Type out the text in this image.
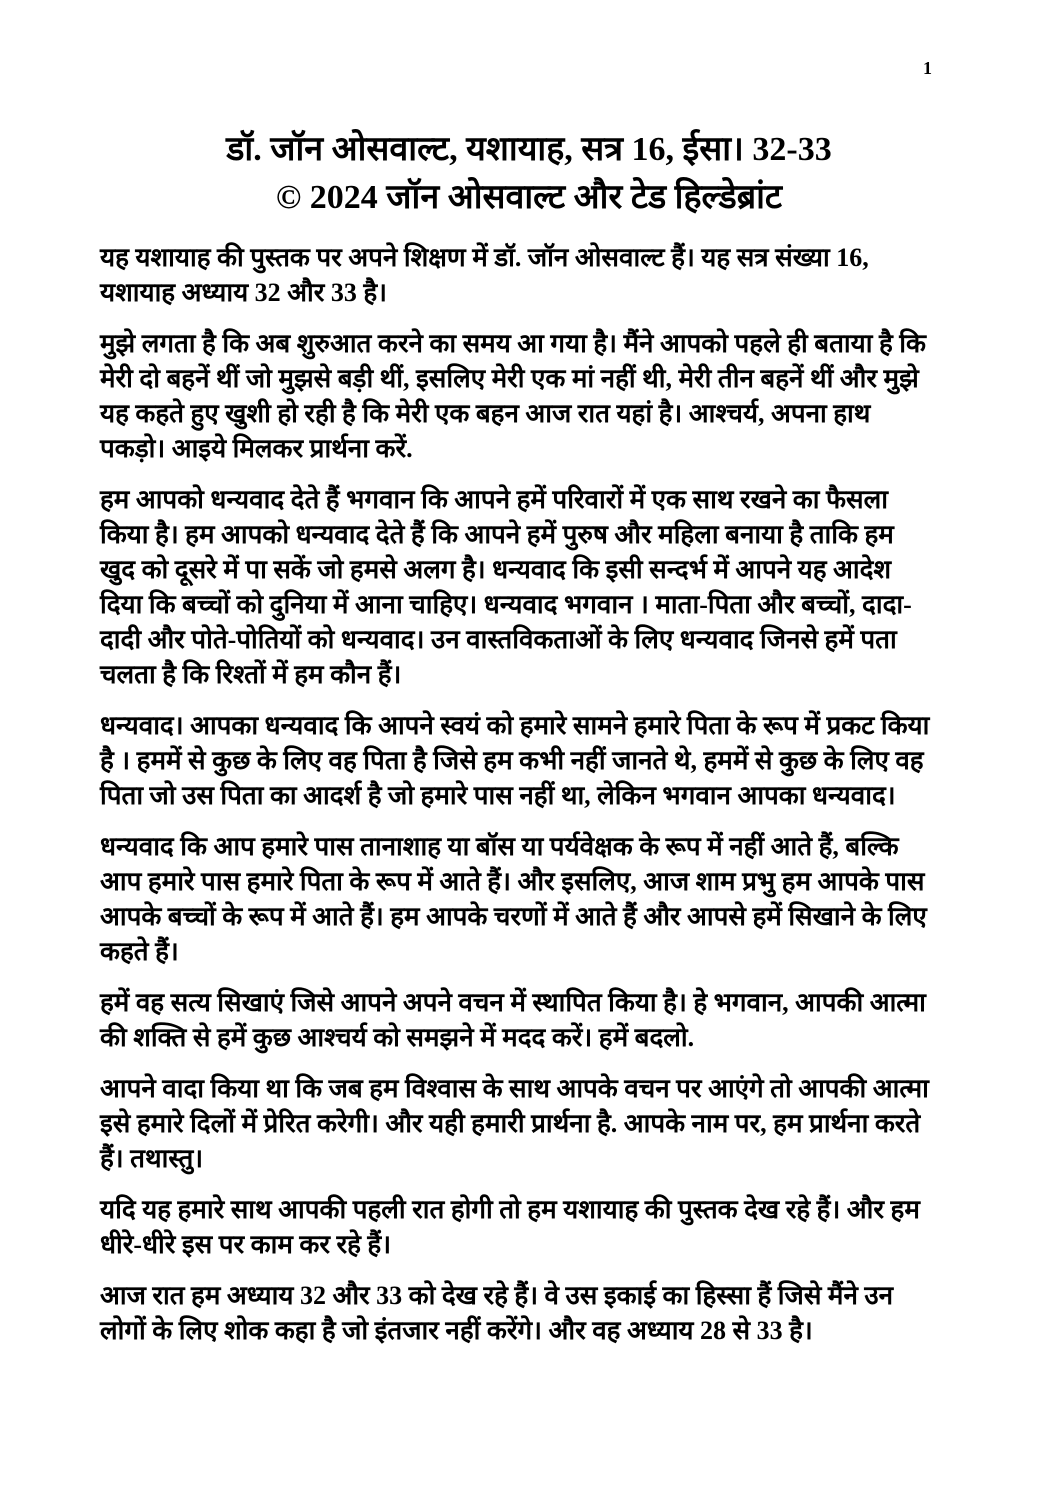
1
डॉ. जॉन ओसवाल्ट, यशायाह, सत्र 16, ईसा। 32-33
© 2024 जॉन ओसवाल्ट और टेड हिल्डेब्रांट

यह यशायाह की पुस्तक पर अपने शिक्षण में डॉ. जॉन ओसवाल्ट हैं। यह सत्र संख्या 16, यशायाह अध्याय 32 और 33 है।

मुझे लगता है कि अब शुरुआत करने का समय आ गया है। मैंने आपको पहले ही बताया है कि मेरी दो बहनें थीं जो मुझसे बड़ी थीं, इसलिए मेरी एक मां नहीं थी, मेरी तीन बहनें थीं और मुझे यह कहते हुए खुशी हो रही है कि मेरी एक बहन आज रात यहां है। आश्चर्य, अपना हाथ पकड़ो। आइये मिलकर प्रार्थना करें.

हम आपको धन्यवाद देते हैं भगवान कि आपने हमें परिवारों में एक साथ रखने का फैसला किया है। हम आपको धन्यवाद देते हैं कि आपने हमें पुरुष और महिला बनाया है ताकि हम खुद को दूसरे में पा सकें जो हमसे अलग है। धन्यवाद कि इसी सन्दर्भ में आपने यह आदेश दिया कि बच्चों को दुनिया में आना चाहिए। धन्यवाद भगवान । माता-पिता और बच्चों, दादा-दादी और पोते-पोतियों को धन्यवाद। उन वास्तविकताओं के लिए धन्यवाद जिनसे हमें पता चलता है कि रिश्तों में हम कौन हैं।

धन्यवाद। आपका धन्यवाद कि आपने स्वयं को हमारे सामने हमारे पिता के रूप में प्रकट किया है । हममें से कुछ के लिए वह पिता है जिसे हम कभी नहीं जानते थे, हममें से कुछ के लिए वह पिता जो उस पिता का आदर्श है जो हमारे पास नहीं था, लेकिन भगवान आपका धन्यवाद।

धन्यवाद कि आप हमारे पास तानाशाह या बॉस या पर्यवेक्षक के रूप में नहीं आते हैं, बल्कि आप हमारे पास हमारे पिता के रूप में आते हैं। और इसलिए, आज शाम प्रभु हम आपके पास आपके बच्चों के रूप में आते हैं। हम आपके चरणों में आते हैं और आपसे हमें सिखाने के लिए कहते हैं।

हमें वह सत्य सिखाएं जिसे आपने अपने वचन में स्थापित किया है। हे भगवान, आपकी आत्मा की शक्ति से हमें कुछ आश्चर्य को समझने में मदद करें। हमें बदलो.

आपने वादा किया था कि जब हम विश्वास के साथ आपके वचन पर आएंगे तो आपकी आत्मा इसे हमारे दिलों में प्रेरित करेगी। और यही हमारी प्रार्थना है. आपके नाम पर, हम प्रार्थना करते हैं। तथास्तु।

यदि यह हमारे साथ आपकी पहली रात होगी तो हम यशायाह की पुस्तक देख रहे हैं। और हम धीरे-धीरे इस पर काम कर रहे हैं।

आज रात हम अध्याय 32 और 33 को देख रहे हैं। वे उस इकाई का हिस्सा हैं जिसे मैंने उन लोगों के लिए शोक कहा है जो इंतजार नहीं करेंगे। और वह अध्याय 28 से 33 है।
